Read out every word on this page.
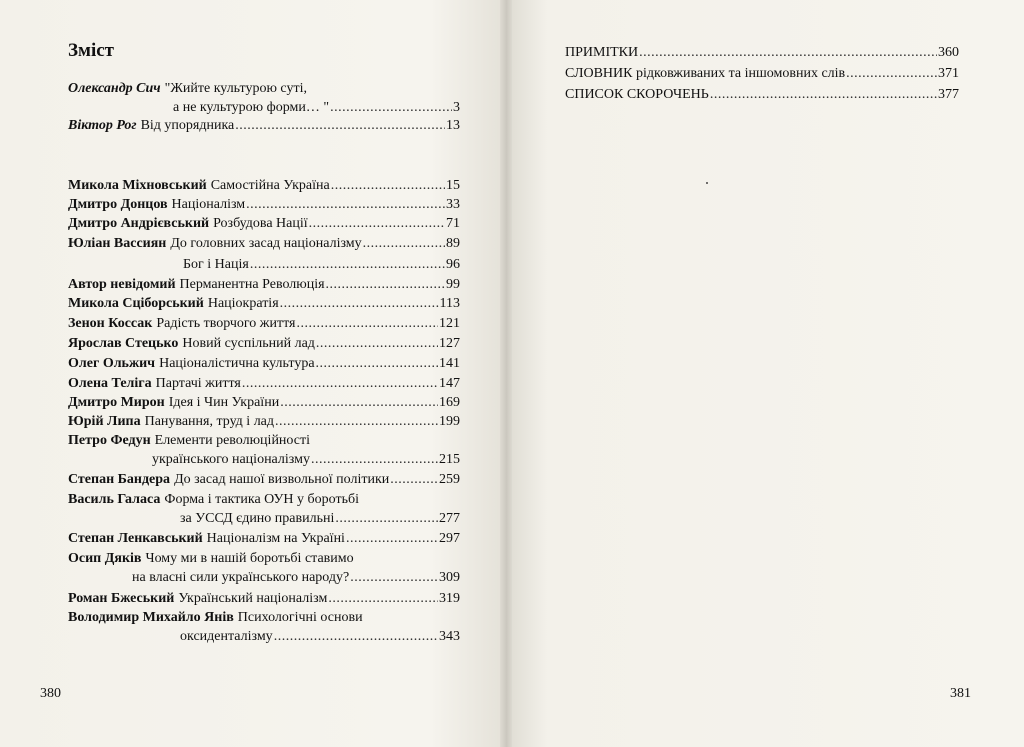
Зміст
Олександр Сич "Жийте культурою суті,
а не культурою форми… " .....	3
Віктор Рог Від упорядника .....	13
Микола Міхновський Самостійна Україна .....	15
Дмитро Донцов Націоналізм .....	33
Дмитро Андрієвський Розбудова Нації .....	71
Юліан Вассиян До головних засад націоналізму .....	89
Бог і Нація .....	96
Автор невідомий Перманентна Революція .....	99
Микола Сціборський Націократія .....	113
Зенон Коссак Радість творчого життя .....	121
Ярослав Стецько Новий суспільний лад .....	127
Олег Ольжич Націоналістична культура .....	141
Олена Теліга Партачі життя .....	147
Дмитро Мирон Ідея і Чин України .....	169
Юрій Липа Панування, труд і лад .....	199
Петро Федун Елементи революційності
українського націоналізму .....	215
Степан Бандера До засад нашої визвольної політики .....	259
Василь Галаса Форма і тактика ОУН у боротьбі
за УССД єдино правильні .....	277
Степан Ленкавський Націоналізм на Україні .....	297
Осип Дяків Чому ми в нашій боротьбі ставимо
на власні сили українського народу? .....	309
Роман Бжеський Український націоналізм .....	319
Володимир Михайло Янів Психологічні основи
оксиденталізму .....	343
380
ПРИМІТКИ .....	360
СЛОВНИК рідковживаних та іншомовних слів .....	371
СПИСОК СКОРОЧЕНЬ .....	377
381
